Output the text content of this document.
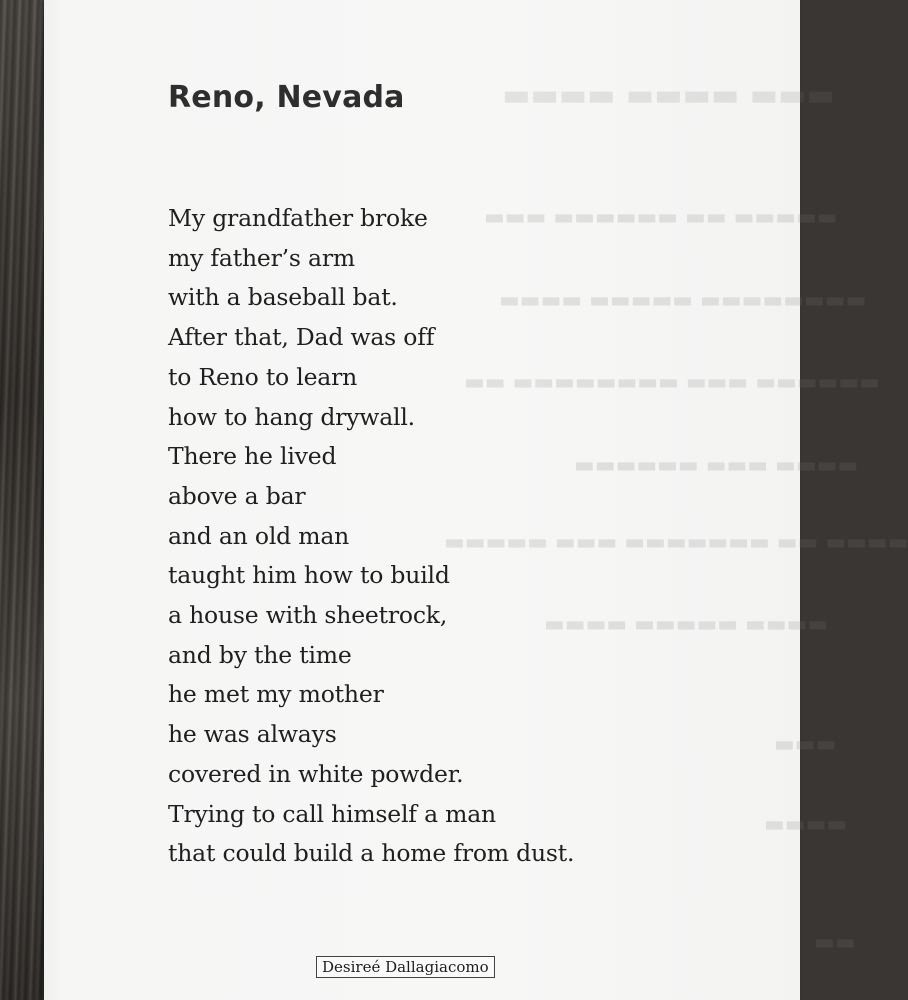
▬▬▬ ▬▬▬▬ ▬▬▬▬
▬▬▬ ▬▬▬▬▬▬ ▬▬ ▬▬▬▬▬
▬▬▬▬ ▬▬▬▬▬ ▬▬▬▬▬▬▬▬
▬▬ ▬▬▬▬▬▬▬▬ ▬▬▬ ▬▬▬▬▬▬
▬▬▬▬▬▬ ▬▬▬ ▬▬▬▬
▬▬▬▬▬ ▬▬▬ ▬▬▬▬▬▬▬ ▬▬ ▬▬▬▬
▬▬▬▬ ▬▬▬▬▬ ▬▬▬▬
▬▬▬
▬▬▬▬
▬▬
Reno, Nevada
My grandfather broke
my father’s arm
with a baseball bat.
After that, Dad was off
to Reno to learn
how to hang drywall.
There he lived
above a bar
and an old man
taught him how to build
a house with sheetrock,
and by the time
he met my mother
he was always
covered in white powder.
Trying to call himself a man
that could build a home from dust.
Desireé Dallagiacomo
